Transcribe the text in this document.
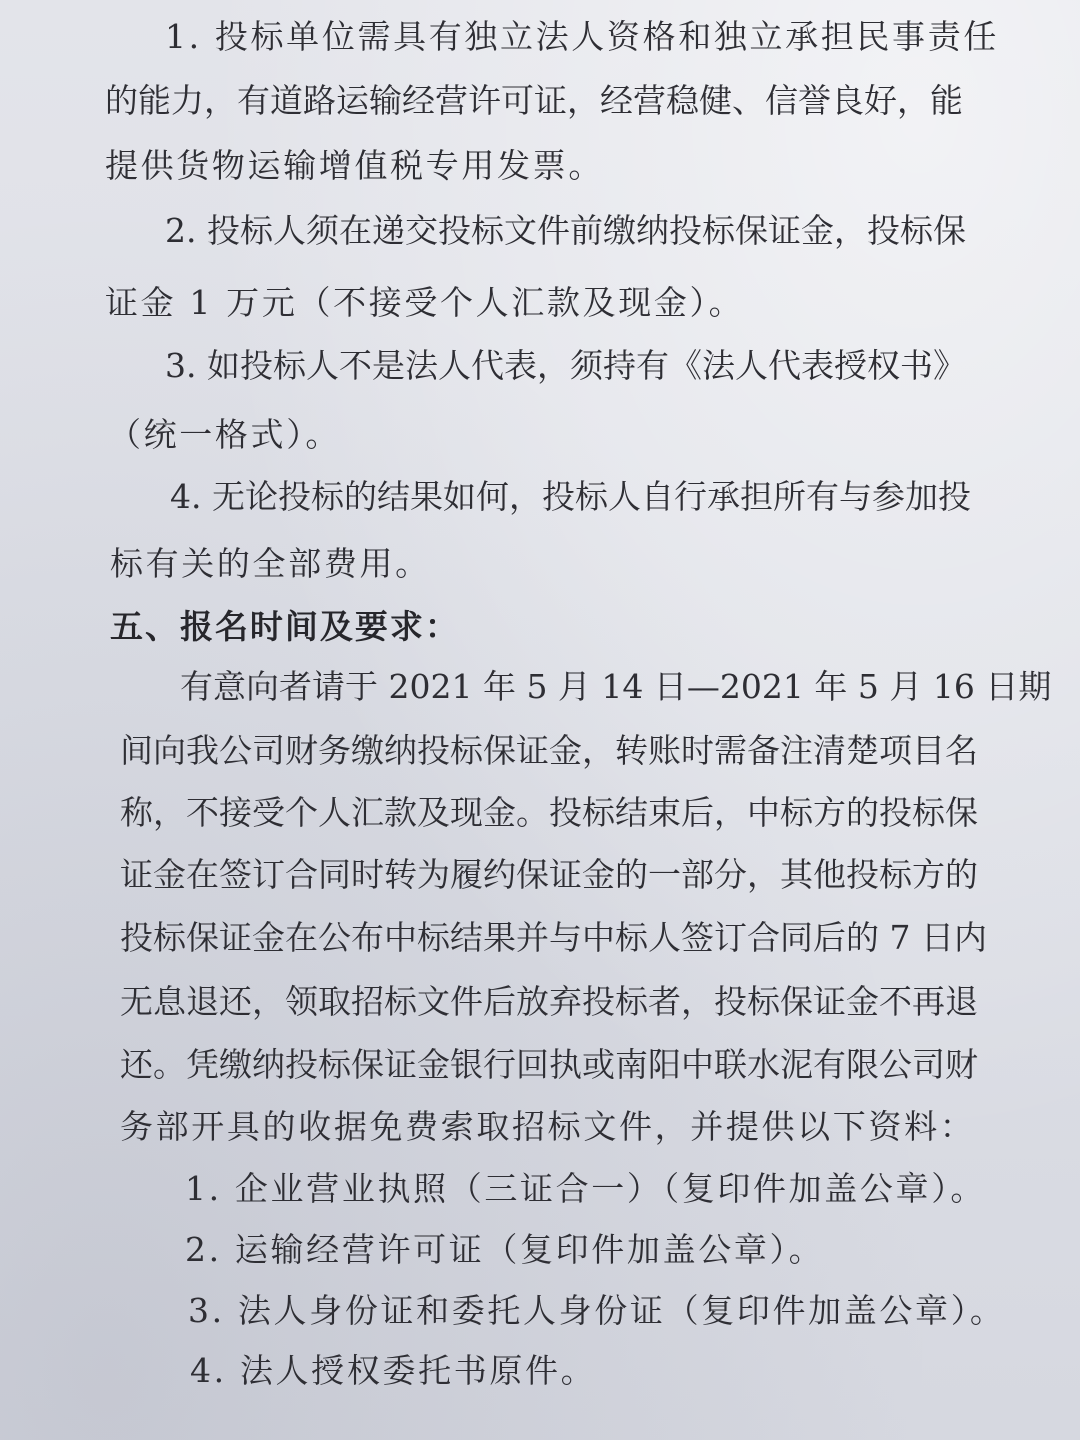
1. 投标单位需具有独立法人资格和独立承担民事责任
的能力，有道路运输经营许可证，经营稳健、信誉良好，能
提供货物运输增值税专用发票。
2. 投标人须在递交投标文件前缴纳投标保证金，投标保
证金 1 万元（不接受个人汇款及现金）。
3. 如投标人不是法人代表，须持有《法人代表授权书》
（统一格式）。
4. 无论投标的结果如何，投标人自行承担所有与参加投
标有关的全部费用。
五、报名时间及要求：
有意向者请于 2021 年 5 月 14 日—2021 年 5 月 16 日期
间向我公司财务缴纳投标保证金，转账时需备注清楚项目名
称，不接受个人汇款及现金。投标结束后，中标方的投标保
证金在签订合同时转为履约保证金的一部分，其他投标方的
投标保证金在公布中标结果并与中标人签订合同后的 7 日内
无息退还，领取招标文件后放弃投标者，投标保证金不再退
还。凭缴纳投标保证金银行回执或南阳中联水泥有限公司财
务部开具的收据免费索取招标文件，并提供以下资料：
1. 企业营业执照（三证合一）（复印件加盖公章）。
2. 运输经营许可证（复印件加盖公章）。
3. 法人身份证和委托人身份证（复印件加盖公章）。
4. 法人授权委托书原件。
